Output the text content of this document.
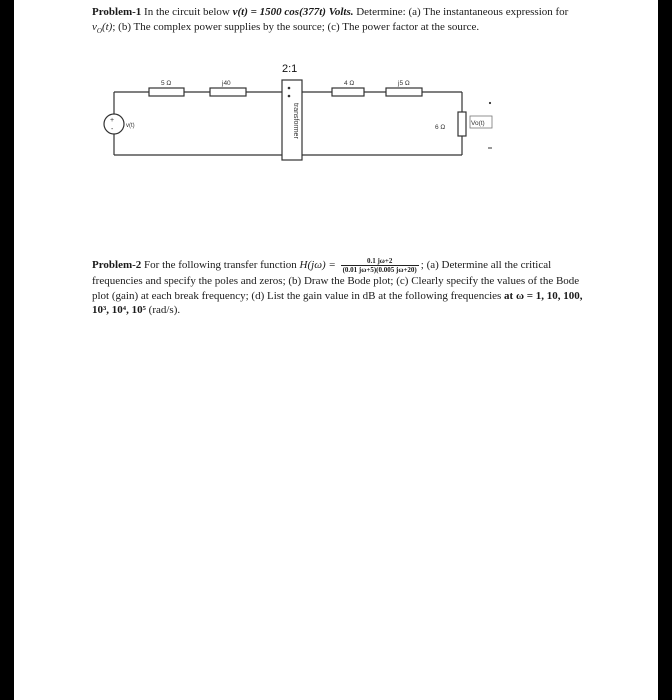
Problem-1 In the circuit below v(t) = 1500 cos(377t) Volts. Determine: (a) The instantaneous expression for $v_O(t)$; (b) The complex power supplies by the source; (c) The power factor at the source.
transformer
2:1
+
- v(t)
5 Ω	j40	4 Ω	j5 Ω
6 Ω
Vo(t)
Problem-2 For the following transfer function $H(j\omega) = \frac{0.1 j\omega+2}{(0.01 j\omega+5)(0.005 j\omega+20)}$ ; (a) Determine all the critical frequencies and specify the poles and zeros; (b) Draw the Bode plot; (c) Clearly specify the values of the Bode plot (gain) at each break frequency; (d) List the gain value in dB at the following frequencies at ω = 1, 10, 100, 10³, 10⁴, 10⁵ (rad/s).
